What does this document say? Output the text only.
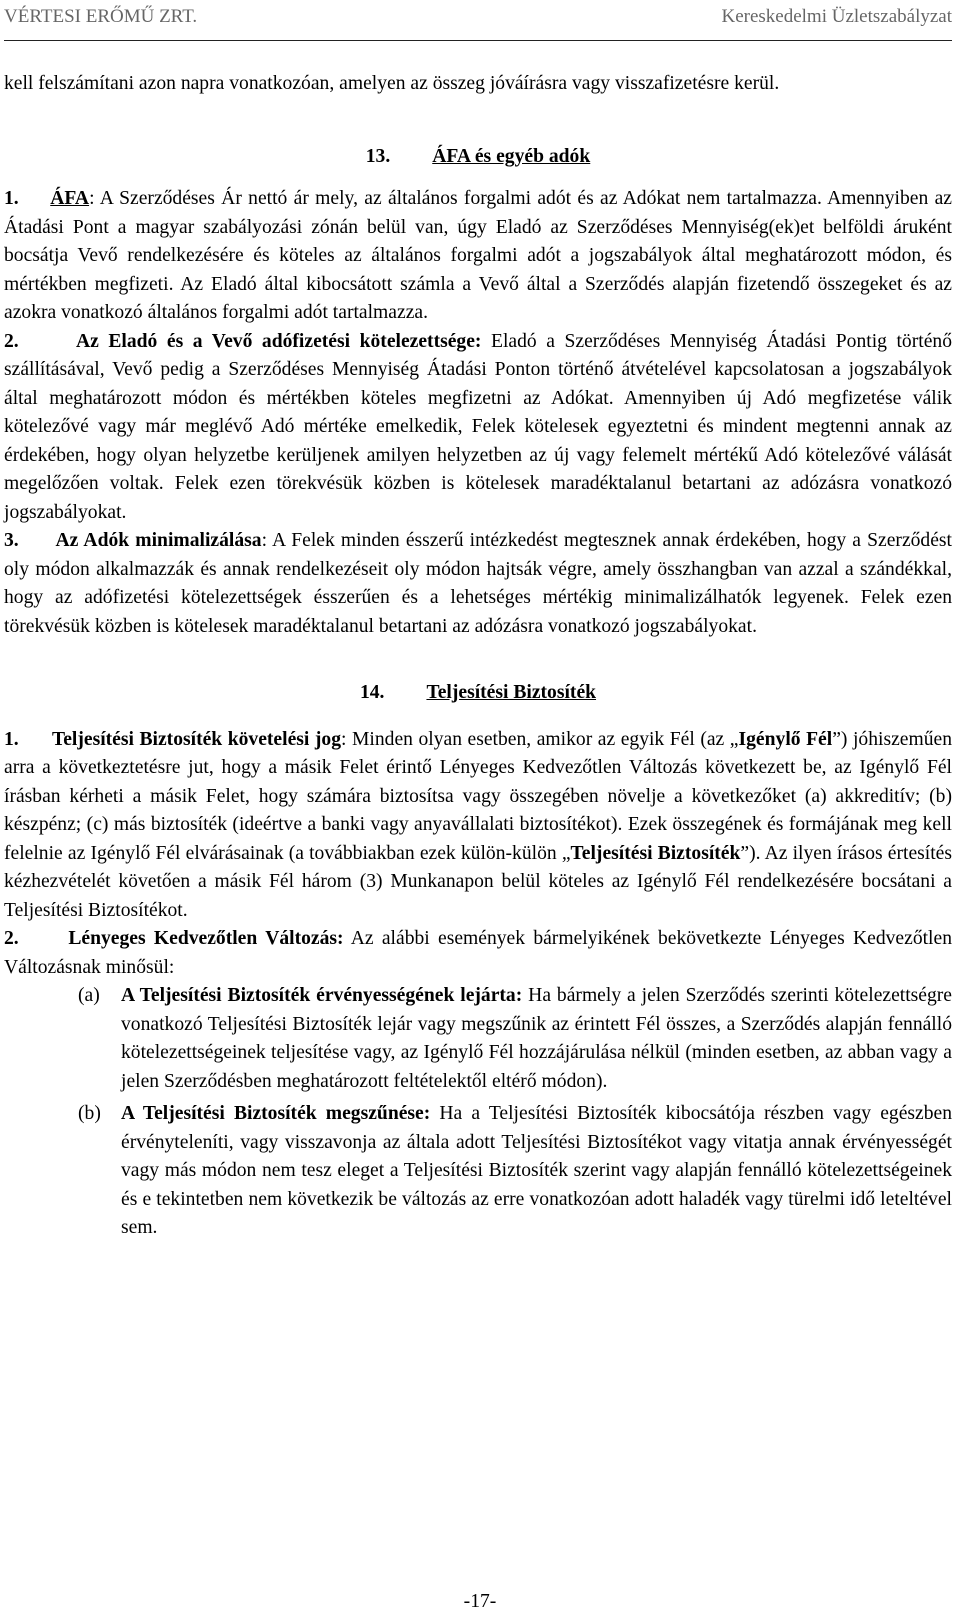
VÉRTESI ERŐMŰ ZRT.	Kereskedelmi Üzletszabályzat

kell felszámítani azon napra vonatkozóan, amelyen az összeg jóváírásra vagy visszafizetésre kerül.

13. ÁFA és egyéb adók

1. ÁFA: A Szerződéses Ár nettó ár mely, az általános forgalmi adót és az Adókat nem tartalmazza. Amennyiben az Átadási Pont a magyar szabályozási zónán belül van, úgy Eladó az Szerződéses Mennyiség(ek)et belföldi áruként bocsátja Vevő rendelkezésére és köteles az általános forgalmi adót a jogszabályok által meghatározott módon, és mértékben megfizeti. Az Eladó által kibocsátott számla a Vevő által a Szerződés alapján fizetendő összegeket és az azokra vonatkozó általános forgalmi adót tartalmazza.

2.	Az Eladó és a Vevő adófizetési kötelezettsége: Eladó a Szerződéses Mennyiség Átadási Pontig történő szállításával, Vevő pedig a Szerződéses Mennyiség Átadási Ponton történő átvételével kapcsolatosan a jogszabályok által meghatározott módon és mértékben köteles megfizetni az Adókat. Amennyiben új Adó megfizetése válik kötelezővé vagy már meglévő Adó mértéke emelkedik, Felek kötelesek egyeztetni és mindent megtenni annak az érdekében, hogy olyan helyzetbe kerüljenek amilyen helyzetben az új vagy felemelt mértékű Adó kötelezővé válását megelőzően voltak. Felek ezen törekvésük közben is kötelesek maradéktalanul betartani az adózásra vonatkozó jogszabályokat.

3. Az Adók minimalizálása: A Felek minden ésszerű intézkedést megtesznek annak érdekében, hogy a Szerződést oly módon alkalmazzák és annak rendelkezéseit oly módon hajtsák végre, amely összhangban van azzal a szándékkal, hogy az adófizetési kötelezettségek ésszerűen és a lehetséges mértékig minimalizálhatók legyenek. Felek ezen törekvésük közben is kötelesek maradéktalanul betartani az adózásra vonatkozó jogszabályokat.

14. Teljesítési Biztosíték

1. Teljesítési Biztosíték követelési jog: Minden olyan esetben, amikor az egyik Fél (az „Igénylő Fél”) jóhiszeműen arra a következtetésre jut, hogy a másik Felet érintő Lényeges Kedvezőtlen Változás következett be, az Igénylő Fél írásban kérheti a másik Felet, hogy számára biztosítsa vagy összegében növelje a következőket (a) akkreditív; (b) készpénz; (c) más biztosíték (ideértve a banki vagy anyavállalati biztosítékot). Ezek összegének és formájának meg kell felelnie az Igénylő Fél elvárásainak (a továbbiakban ezek külön-külön „Teljesítési Biztosíték”). Az ilyen írásos értesítés kézhezvételét követően a másik Fél három (3) Munkanapon belül köteles az Igénylő Fél rendelkezésére bocsátani a Teljesítési Biztosítékot.

2.	Lényeges Kedvezőtlen Változás: Az alábbi események bármelyikének bekövetkezte Lényeges Kedvezőtlen Változásnak minősül:

(a)	A Teljesítési Biztosíték érvényességének lejárta: Ha bármely a jelen Szerződés szerinti kötelezettségre vonatkozó Teljesítési Biztosíték lejár vagy megszűnik az érintett Fél összes, a Szerződés alapján fennálló kötelezettségeinek teljesítése vagy, az Igénylő Fél hozzájárulása nélkül (minden esetben, az abban vagy a jelen Szerződésben meghatározott feltételektől eltérő módon).
(b)	A Teljesítési Biztosíték megszűnése: Ha a Teljesítési Biztosíték kibocsátója részben vagy egészben érvényteleníti, vagy visszavonja az általa adott Teljesítési Biztosítékot vagy vitatja annak érvényességét vagy más módon nem tesz eleget a Teljesítési Biztosíték szerint vagy alapján fennálló kötelezettségeinek és e tekintetben nem következik be változás az erre vonatkozóan adott haladék vagy türelmi idő leteltével sem.
-17-
